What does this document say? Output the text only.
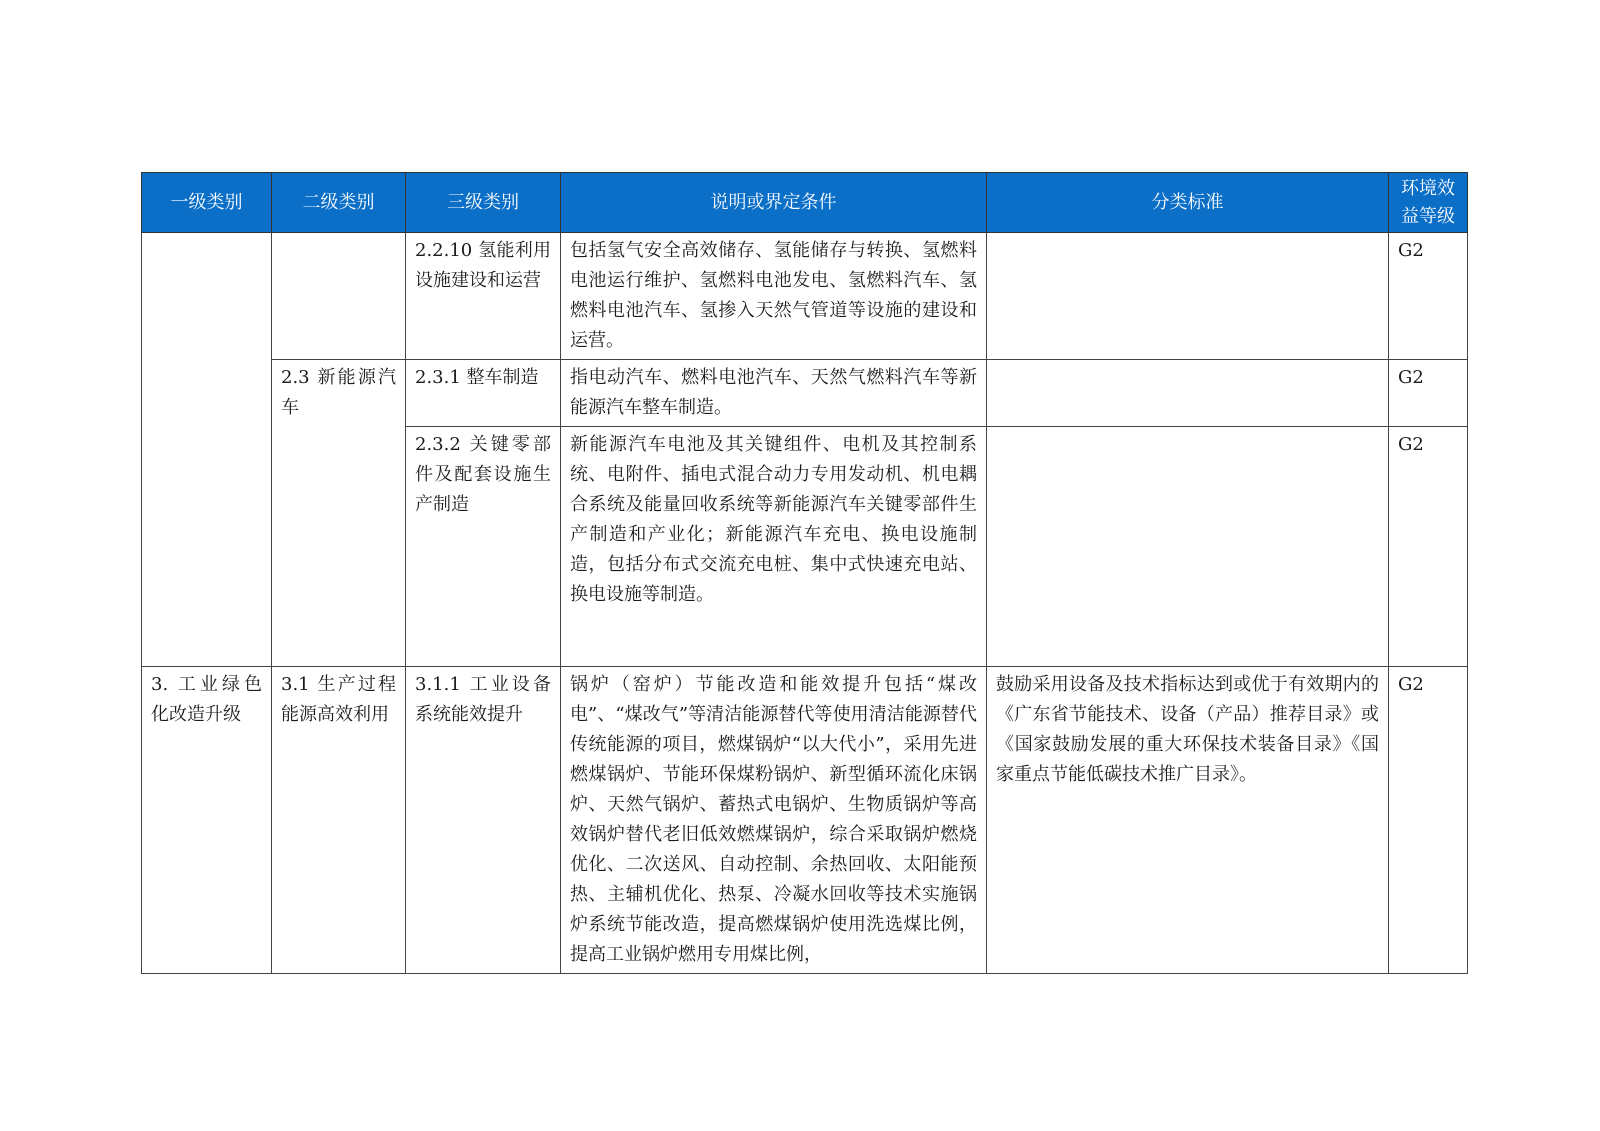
一级类别	二级类别	三级类别	说明或界定条件	分类标准	环境效益等级
		2.2.10 氢能利用设施建设和运营	包括氢气安全高效储存、氢能储存与转换、氢燃料电池运行维护、氢燃料电池发电、氢燃料汽车、氢燃料电池汽车、氢掺入天然气管道等设施的建设和运营。		G2
	2.3 新能源汽车	2.3.1 整车制造	指电动汽车、燃料电池汽车、天然气燃料汽车等新能源汽车整车制造。		G2
		2.3.2 关键零部件及配套设施生产制造	新能源汽车电池及其关键组件、电机及其控制系统、电附件、插电式混合动力专用发动机、机电耦合系统及能量回收系统等新能源汽车关键零部件生产制造和产业化；新能源汽车充电、换电设施制造，包括分布式交流充电桩、集中式快速充电站、换电设施等制造。		G2
3. 工业绿色化改造升级	3.1 生产过程能源高效利用	3.1.1 工业设备系统能效提升	锅炉（窑炉）节能改造和能效提升包括“煤改电”、“煤改气”等清洁能源替代等使用清洁能源替代传统能源的项目，燃煤锅炉“以大代小”，采用先进燃煤锅炉、节能环保煤粉锅炉、新型循环流化床锅炉、天然气锅炉、蓄热式电锅炉、生物质锅炉等高效锅炉替代老旧低效燃煤锅炉，综合采取锅炉燃烧优化、二次送风、自动控制、余热回收、太阳能预热、主辅机优化、热泵、冷凝水回收等技术实施锅炉系统节能改造，提高燃煤锅炉使用洗选煤比例，提高工业锅炉燃用专用煤比例，	鼓励采用设备及技术指标达到或优于有效期内的《广东省节能技术、设备（产品）推荐目录》或《国家鼓励发展的重大环保技术装备目录》《国家重点节能低碳技术推广目录》。	G2
